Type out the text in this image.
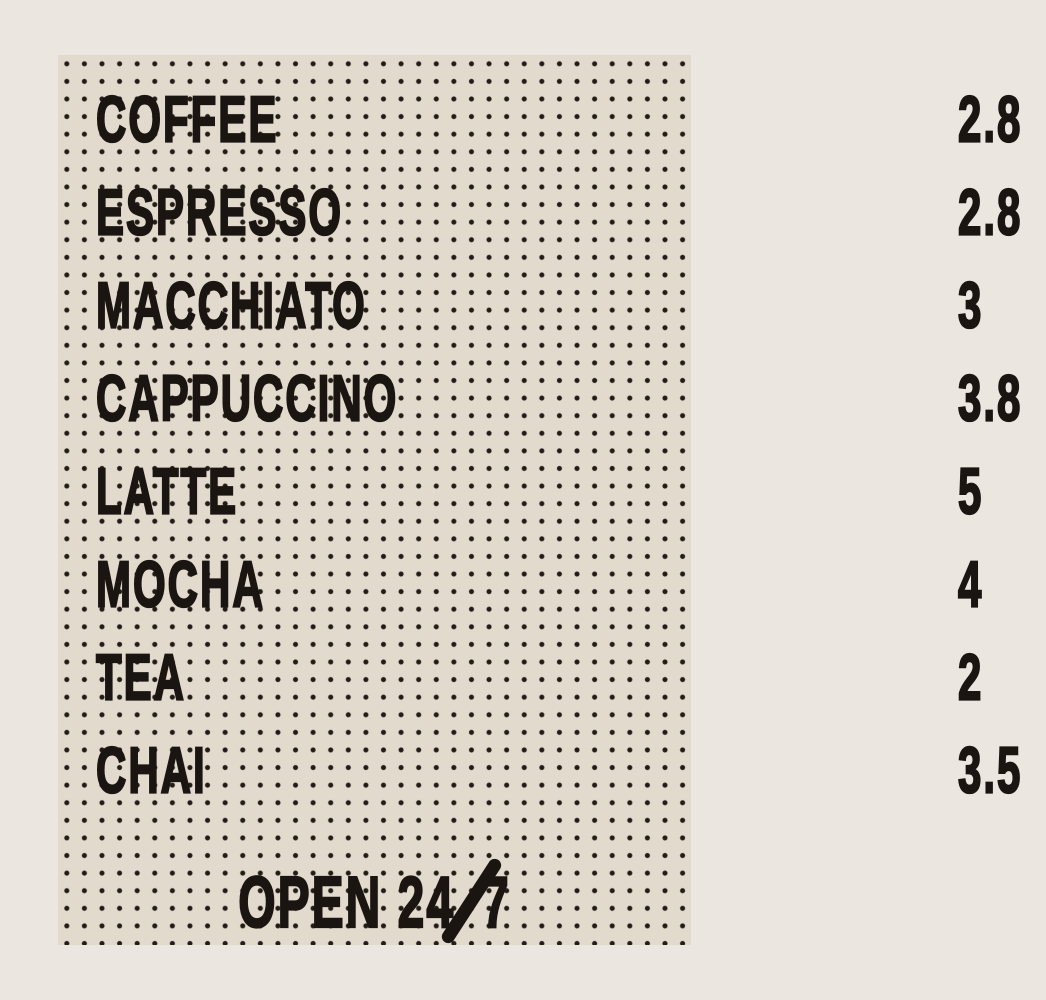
COFFEE	2.8
ESPRESSO	2.8
MACCHIATO	3
CAPPUCCINO	3.8
LATTE	5
MOCHA	4
TEA	2
CHAI	3.5
OPEN 24 7
